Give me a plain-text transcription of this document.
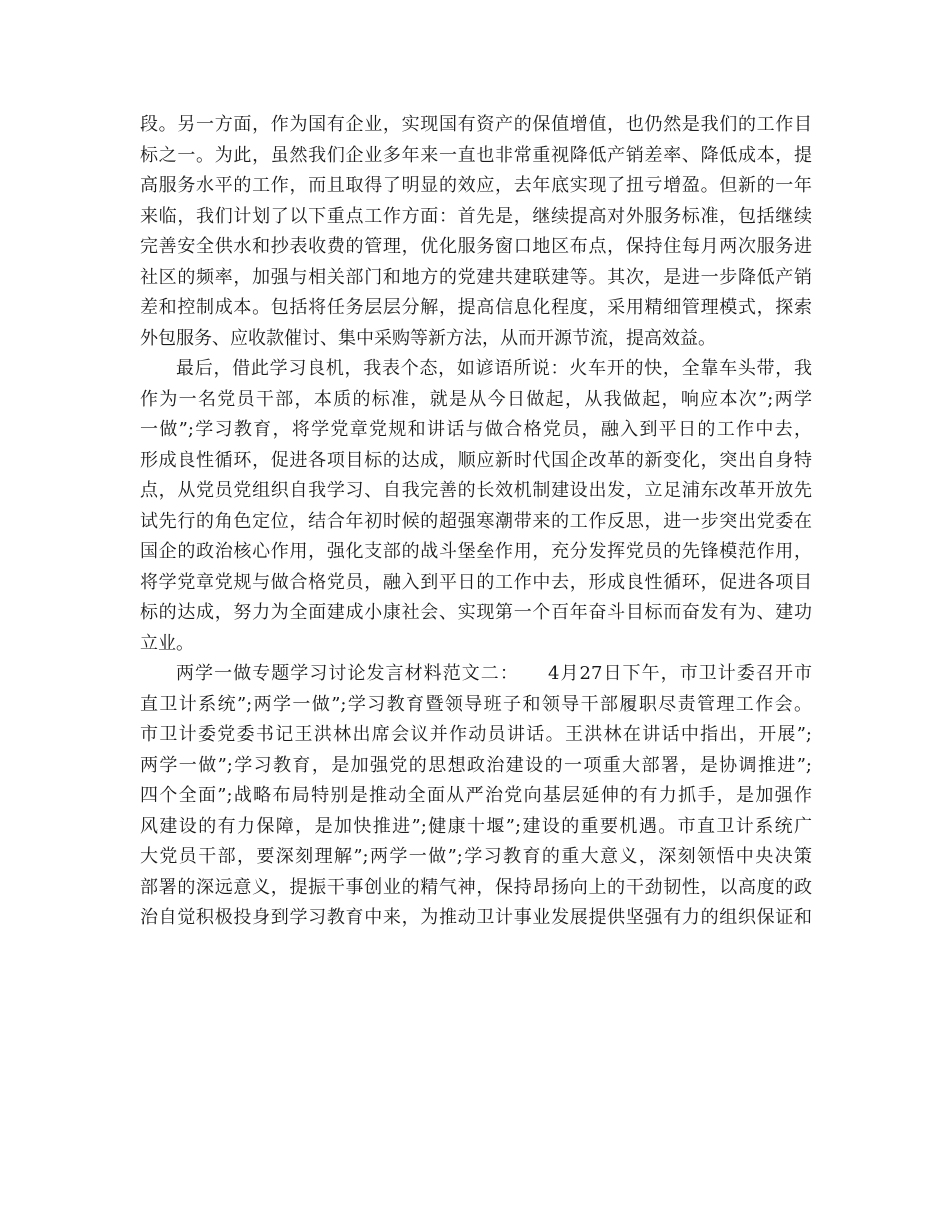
段。另一方面，作为国有企业，实现国有资产的保值增值，也仍然是我们的工作目
标之一。为此，虽然我们企业多年来一直也非常重视降低产销差率、降低成本，提
高服务水平的工作，而且取得了明显的效应，去年底实现了扭亏增盈。但新的一年
来临，我们计划了以下重点工作方面：首先是，继续提高对外服务标准，包括继续
完善安全供水和抄表收费的管理，优化服务窗口地区布点，保持住每月两次服务进
社区的频率，加强与相关部门和地方的党建共建联建等。其次，是进一步降低产销
差和控制成本。包括将任务层层分解，提高信息化程度，采用精细管理模式，探索
外包服务、应收款催讨、集中采购等新方法，从而开源节流，提高效益。

最后，借此学习良机，我表个态，如谚语所说：火车开的快，全靠车头带，我
作为一名党员干部，本质的标准，就是从今日做起，从我做起，响应本次”;两学
一做”;学习教育，将学党章党规和讲话与做合格党员，融入到平日的工作中去，
形成良性循环，促进各项目标的达成，顺应新时代国企改革的新变化，突出自身特
点，从党员党组织自我学习、自我完善的长效机制建设出发，立足浦东改革开放先
试先行的角色定位，结合年初时候的超强寒潮带来的工作反思，进一步突出党委在
国企的政治核心作用，强化支部的战斗堡垒作用，充分发挥党员的先锋模范作用，
将学党章党规与做合格党员，融入到平日的工作中去，形成良性循环，促进各项目
标的达成，努力为全面建成小康社会、实现第一个百年奋斗目标而奋发有为、建功
立业。

两学一做专题学习讨论发言材料范文二：　　4月27日下午，市卫计委召开市
直卫计系统”;两学一做”;学习教育暨领导班子和领导干部履职尽责管理工作会。
市卫计委党委书记王洪林出席会议并作动员讲话。王洪林在讲话中指出，开展”;
两学一做”;学习教育，是加强党的思想政治建设的一项重大部署，是协调推进”;
四个全面”;战略布局特别是推动全面从严治党向基层延伸的有力抓手，是加强作
风建设的有力保障，是加快推进”;健康十堰”;建设的重要机遇。市直卫计系统广
大党员干部，要深刻理解”;两学一做”;学习教育的重大意义，深刻领悟中央决策
部署的深远意义，提振干事创业的精气神，保持昂扬向上的干劲韧性，以高度的政
治自觉积极投身到学习教育中来，为推动卫计事业发展提供坚强有力的组织保证和
